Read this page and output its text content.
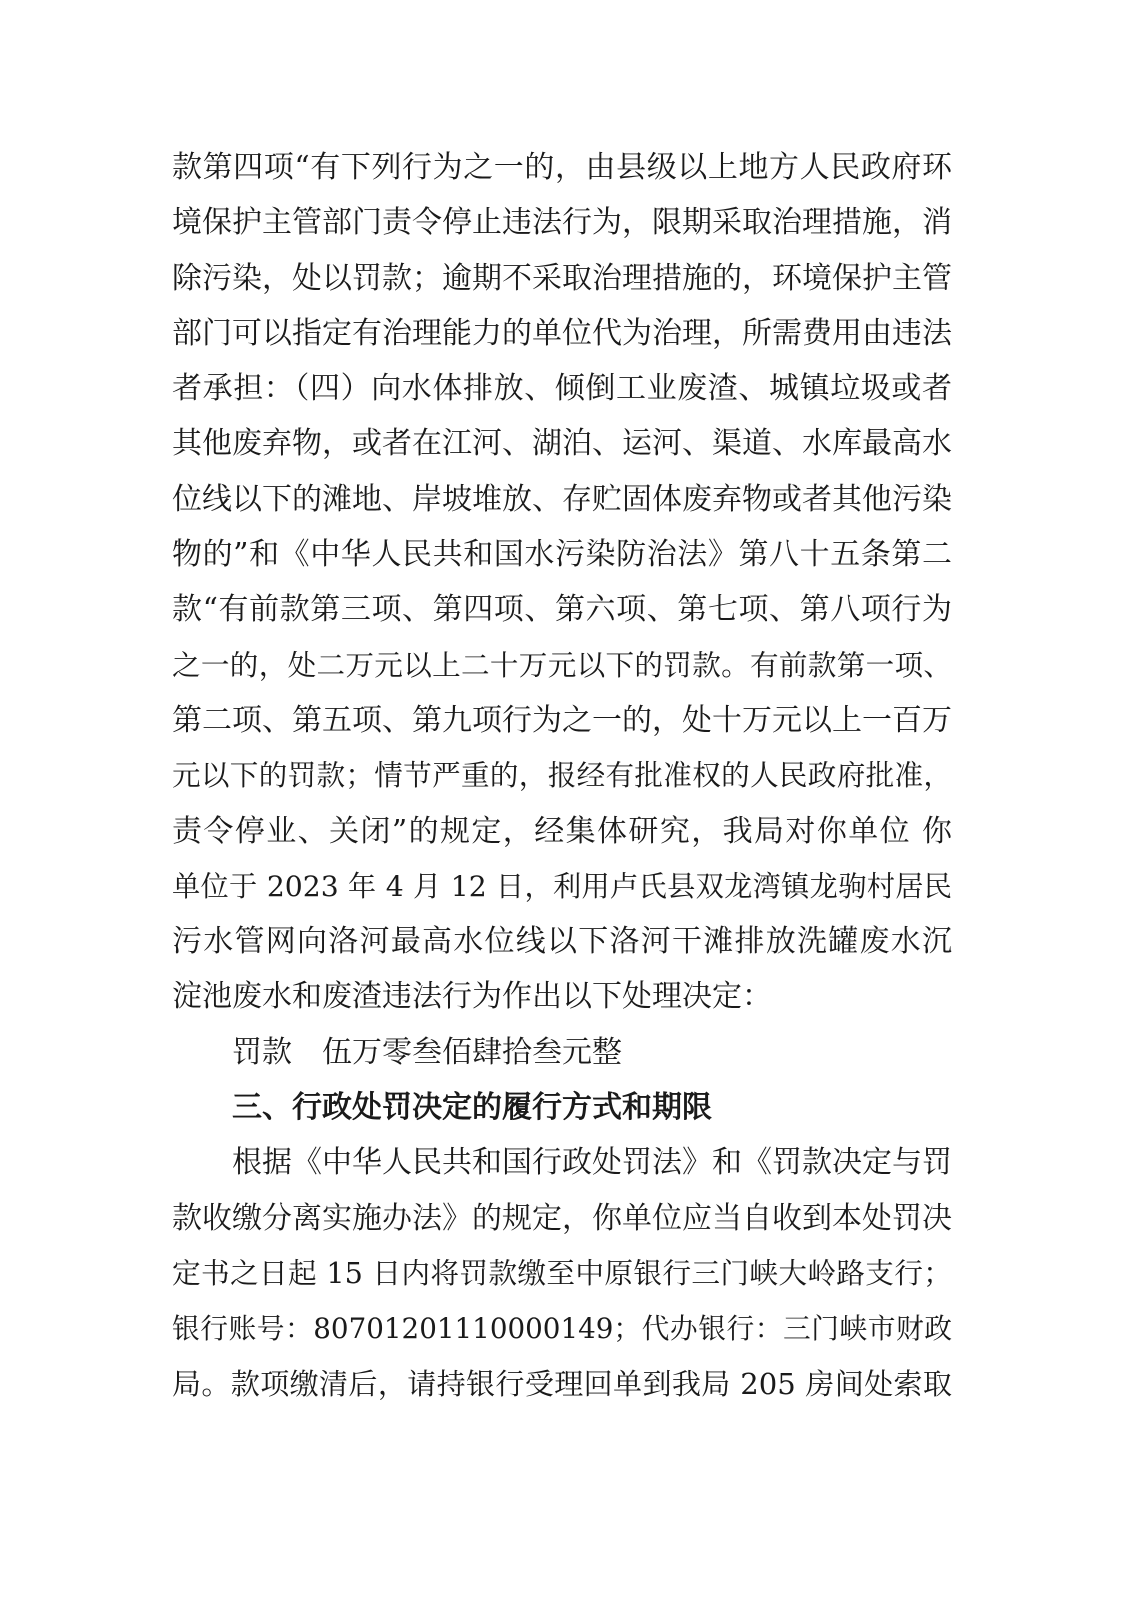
款第四项“有下列行为之一的，由县级以上地方人民政府环
境保护主管部门责令停止违法行为，限期采取治理措施，消
除污染，处以罚款；逾期不采取治理措施的，环境保护主管
部门可以指定有治理能力的单位代为治理，所需费用由违法
者承担：（四）向水体排放、倾倒工业废渣、城镇垃圾或者
其他废弃物，或者在江河、湖泊、运河、渠道、水库最高水
位线以下的滩地、岸坡堆放、存贮固体废弃物或者其他污染
物的”和《中华人民共和国水污染防治法》第八十五条第二
款“有前款第三项、第四项、第六项、第七项、第八项行为
之一的，处二万元以上二十万元以下的罚款。有前款第一项、
第二项、第五项、第九项行为之一的，处十万元以上一百万
元以下的罚款；情节严重的，报经有批准权的人民政府批准，
责令停业、关闭”的规定，经集体研究，我局对你单位 你
单位于 2023 年 4 月 12 日，利用卢氏县双龙湾镇龙驹村居民
污水管网向洛河最高水位线以下洛河干滩排放洗罐废水沉
淀池废水和废渣违法行为作出以下处理决定：
罚款　伍万零叁佰肆拾叁元整
三、行政处罚决定的履行方式和期限
根据《中华人民共和国行政处罚法》和《罚款决定与罚
款收缴分离实施办法》的规定，你单位应当自收到本处罚决
定书之日起 15 日内将罚款缴至中原银行三门峡大岭路支行；
银行账号：80701201110000149；代办银行：三门峡市财政
局。款项缴清后，请持银行受理回单到我局 205 房间处索取
